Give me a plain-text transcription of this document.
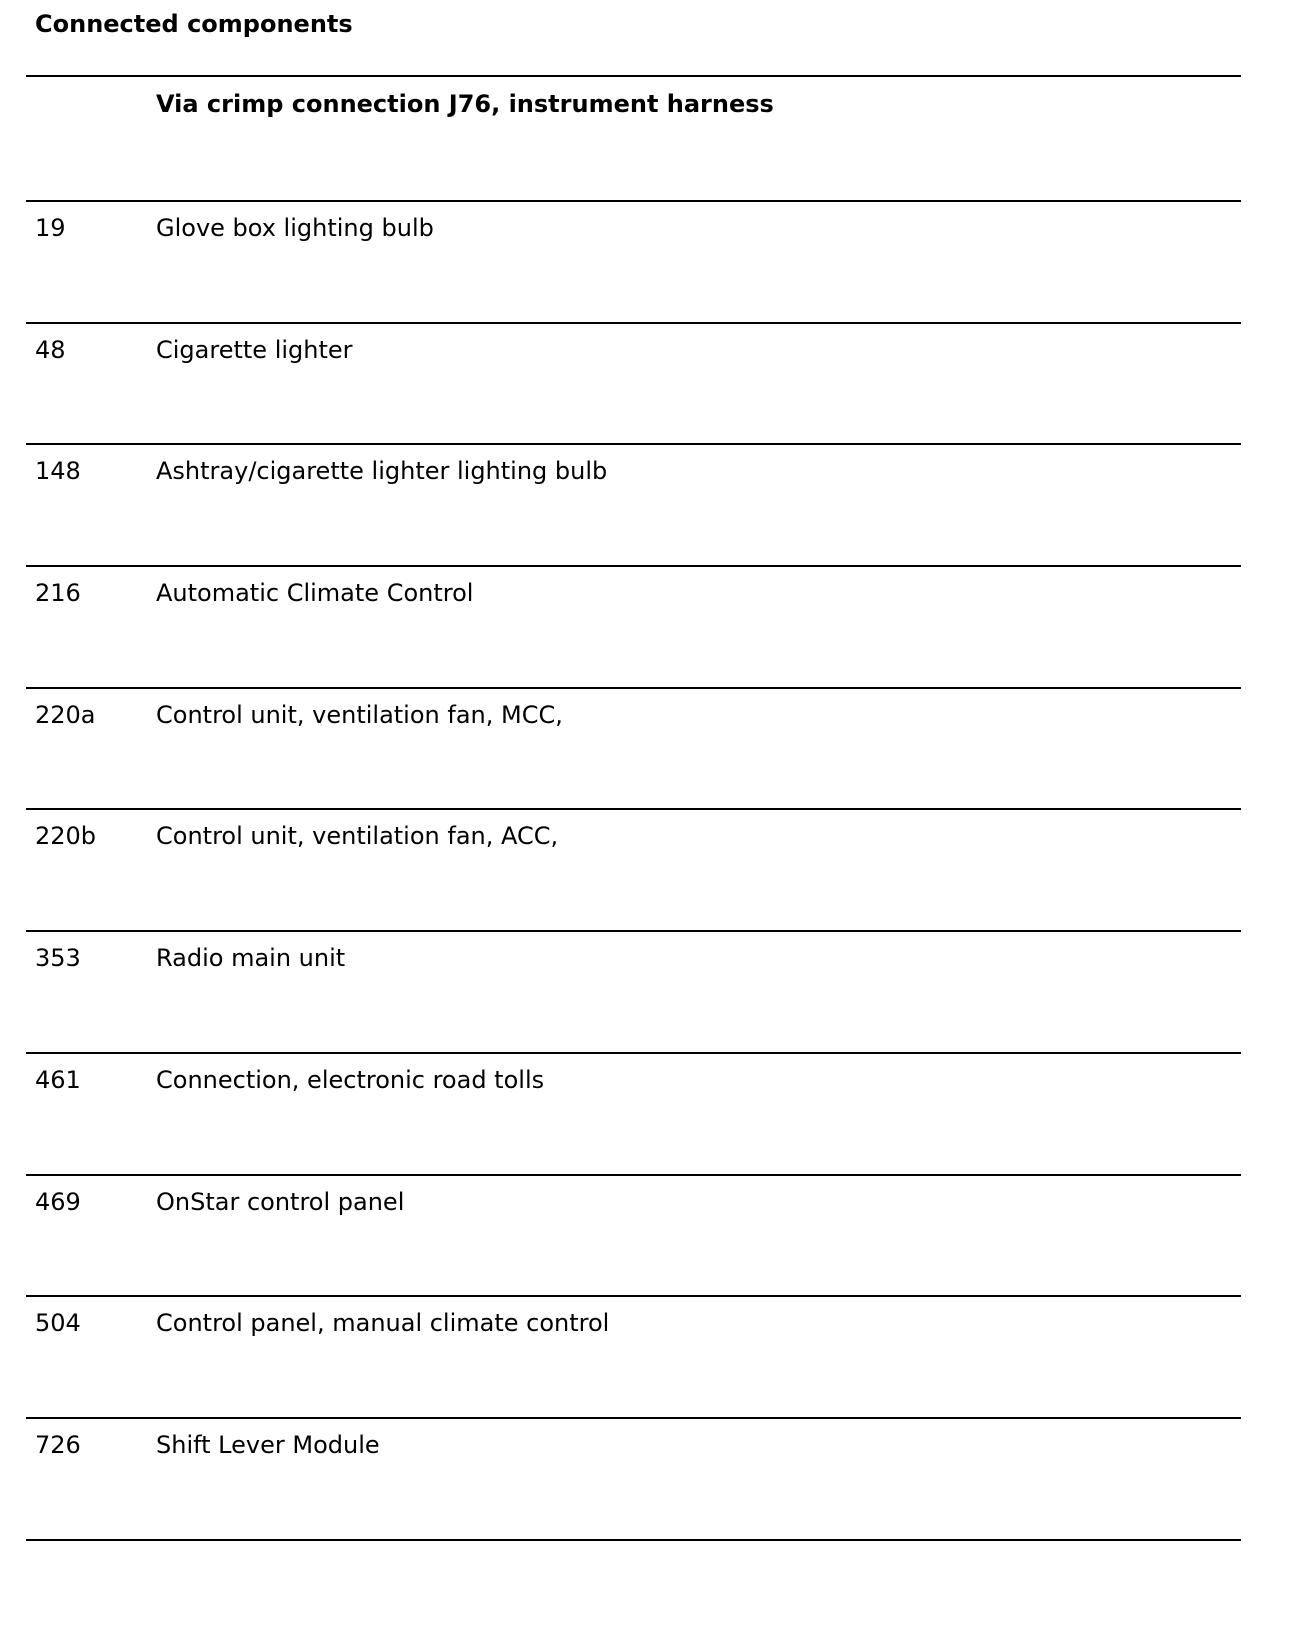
Connected components
Via crimp connection J76, instrument harness
19	Glove box lighting bulb
48	Cigarette lighter
148	Ashtray/cigarette lighter lighting bulb
216	Automatic Climate Control
220a	Control unit, ventilation fan, MCC,
220b Control unit, ventilation fan, ACC,
353	Radio main unit
461	Connection, electronic road tolls
469	OnStar control panel
504	Control panel, manual climate control
726	Shift Lever Module
